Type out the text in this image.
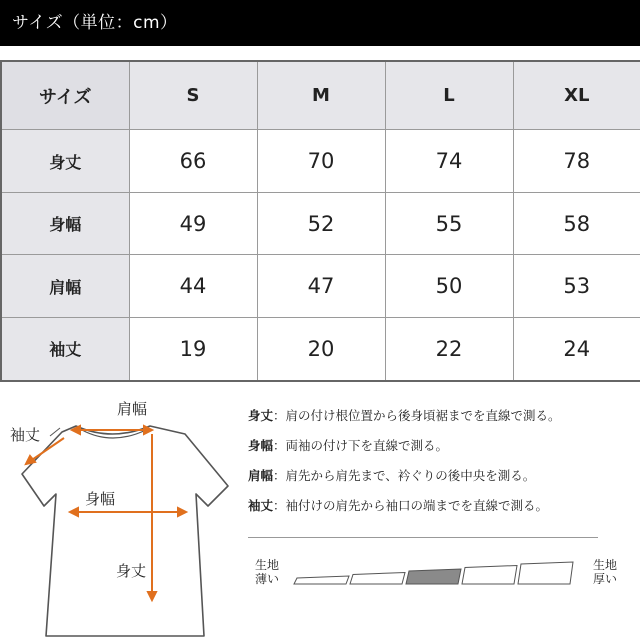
サイズ（単位：cm）
サイズ	S	M	L	XL
身丈	66	70	74	78
身幅	49	52	55	58
肩幅	44	47	50	53
袖丈	19	20	22	24
肩幅
袖丈
身幅
身丈
身丈：肩の付け根位置から後身頃裾までを直線で測る。
身幅：両袖の付け下を直線で測る。
肩幅：肩先から肩先まで、衿ぐりの後中央を測る。
袖丈：袖付けの肩先から袖口の端までを直線で測る。
生地
薄い
生地
厚い
